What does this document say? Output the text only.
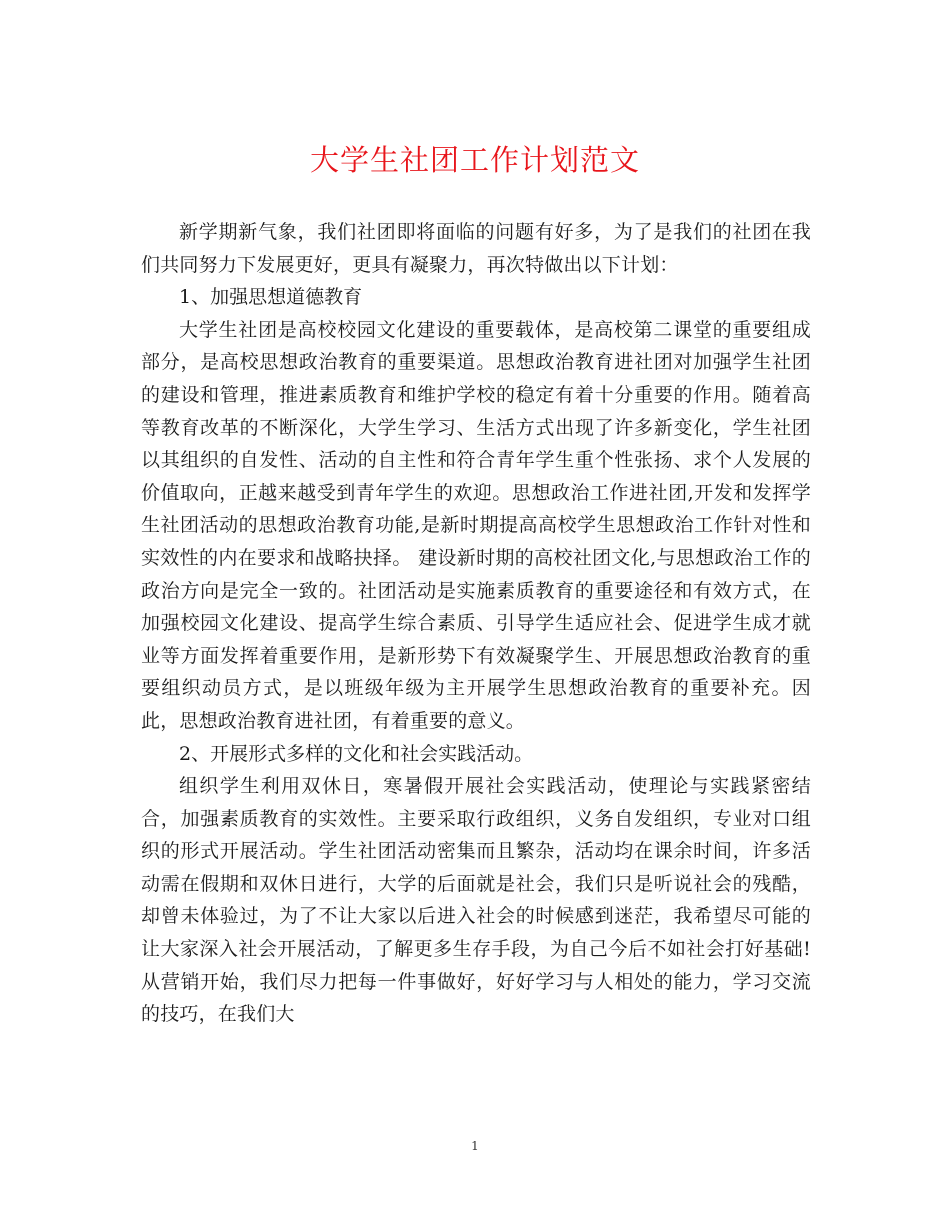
大学生社团工作计划范文

新学期新气象，我们社团即将面临的问题有好多，为了是我们的社团在我们共同努力下发展更好，更具有凝聚力，再次特做出以下计划：

1、加强思想道德教育

大学生社团是高校校园文化建设的重要载体，是高校第二课堂的重要组成部分，是高校思想政治教育的重要渠道。思想政治教育进社团对加强学生社团的建设和管理，推进素质教育和维护学校的稳定有着十分重要的作用。随着高等教育改革的不断深化，大学生学习、生活方式出现了许多新变化，学生社团以其组织的自发性、活动的自主性和符合青年学生重个性张扬、求个人发展的价值取向，正越来越受到青年学生的欢迎。思想政治工作进社团,开发和发挥学生社团活动的思想政治教育功能,是新时期提高高校学生思想政治工作针对性和实效性的内在要求和战略抉择。 建设新时期的高校社团文化,与思想政治工作的政治方向是完全一致的。社团活动是实施素质教育的重要途径和有效方式，在加强校园文化建设、提高学生综合素质、引导学生适应社会、促进学生成才就业等方面发挥着重要作用，是新形势下有效凝聚学生、开展思想政治教育的重要组织动员方式，是以班级年级为主开展学生思想政治教育的重要补充。因此，思想政治教育进社团，有着重要的意义。

2、开展形式多样的文化和社会实践活动。

组织学生利用双休日，寒暑假开展社会实践活动，使理论与实践紧密结合，加强素质教育的实效性。主要采取行政组织，义务自发组织，专业对口组织的形式开展活动。学生社团活动密集而且繁杂，活动均在课余时间，许多活动需在假期和双休日进行，大学的后面就是社会，我们只是听说社会的残酷，却曾未体验过，为了不让大家以后进入社会的时候感到迷茫，我希望尽可能的让大家深入社会开展活动，了解更多生存手段，为自己今后不如社会打好基础!从营销开始，我们尽力把每一件事做好，好好学习与人相处的能力，学习交流的技巧，在我们大

1
